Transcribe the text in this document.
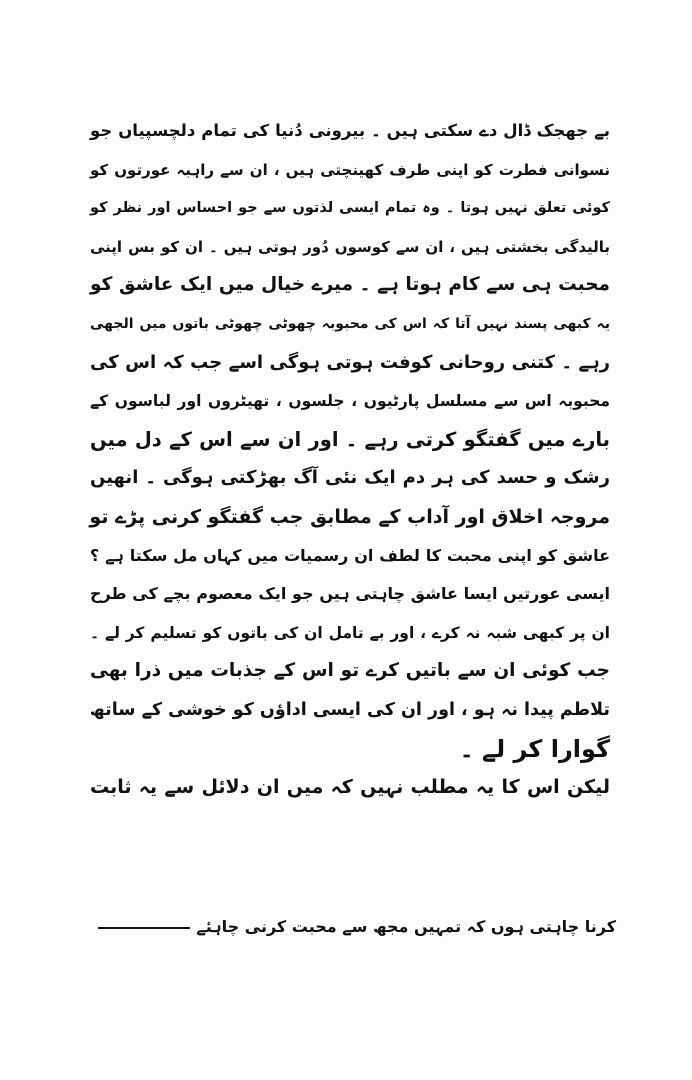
بے جھجک ڈال دے سکتی ہیں ۔ بیرونی دُنیا کی تمام دلچسپیاں جو
نسوانی فطرت کو اپنی طرف کھینچتی ہیں ، ان سے راہبہ عورتوں کو
کوئی تعلق نہیں ہوتا ۔ وہ تمام ایسی لذتوں سے جو احساس اور نظر کو
بالیدگی بخشتی ہیں ، ان سے کوسوں دُور ہوتی ہیں ۔ ان کو بس اپنی
محبت ہی سے کام ہوتا ہے ۔ میرے خیال میں ایک عاشق کو
یہ کبھی پسند نہیں آتا کہ اس کی محبوبہ چھوٹی چھوٹی باتوں میں الجھی
رہے ۔ کتنی روحانی کوفت ہوتی ہوگی اسے جب کہ اس کی
محبوبہ اس سے مسلسل پارٹیوں ، جلسوں ، تھیٹروں اور لباسوں کے
بارے میں گفتگو کرتی رہے ۔ اور ان سے اس کے دل میں
رشک و حسد کی ہر دم ایک نئی آگ بھڑکتی ہوگی ۔ انھیں
مروجہ اخلاق اور آداب کے مطابق جب گفتگو کرنی پڑے تو
عاشق کو اپنی محبت کا لطف ان رسمیات میں کہاں مل سکتا ہے ؟
ایسی عورتیں ایسا عاشق چاہتی ہیں جو ایک معصوم بچے کی طرح
ان پر کبھی شبہ نہ کرے ، اور بے تامل ان کی باتوں کو تسلیم کر لے ۔
جب کوئی ان سے باتیں کرے تو اس کے جذبات میں ذرا بھی
تلاطم پیدا نہ ہو ، اور ان کی ایسی اداؤں کو خوشی کے ساتھ
گوارا کر لے ۔
لیکن اس کا یہ مطلب نہیں کہ میں ان دلائل سے یہ ثابت
کرنا چاہتی ہوں کہ تمہیں مجھ سے محبت کرنی چاہئے
